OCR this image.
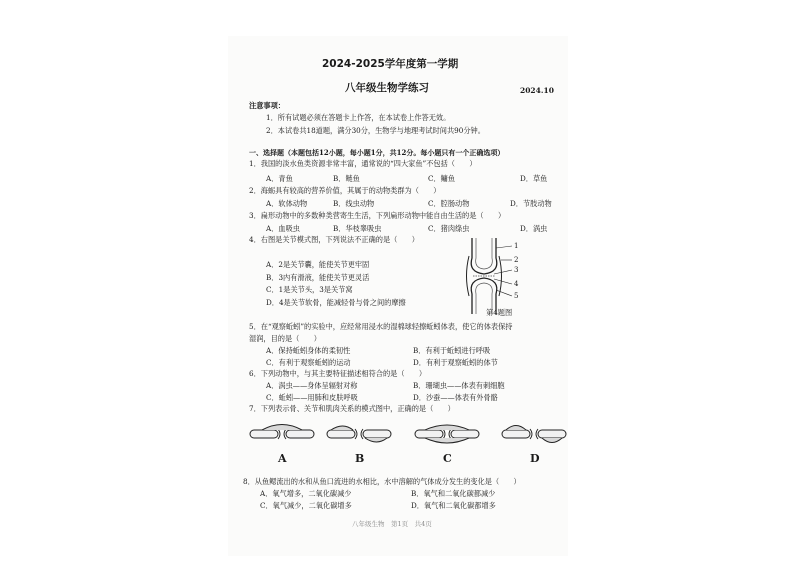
2024-2025学年度第一学期
八年级生物学练习	2024.10
注意事项：
1．所有试题必须在答题卡上作答，在本试卷上作答无效。
2．本试卷共18道题，满分30分，生物学与地理考试时间共90分钟。
一、选择题（本题包括12小题，每小题1分，共12分。每小题只有一个正确选项）
1．我国的淡水鱼类资源非常丰富，通常说的“四大家鱼”不包括（　　）
A．青鱼	B．鲢鱼	C．鳙鱼	D．草鱼
2．海蛎具有较高的营养价值，其属于的动物类群为（　　）
A．软体动物	B．线虫动物	C．腔肠动物	D．节肢动物
3．扁形动物中的多数种类营寄生生活，下列扁形动物中能自由生活的是（　　）
A．血吸虫	B．华枝睾吸虫	C．猪肉绦虫	D．涡虫
4．右图是关节模式图，下列说法不正确的是（　　）
A．2是关节囊，能使关节更牢固
B．3内有滑液，能使关节更灵活
C．1是关节头，3是关节窝
D．4是关节软骨，能减轻骨与骨之间的摩擦
1
2
3
4
5
第4题图
5．在“观察蚯蚓”的实验中，应经常用浸水的湿棉球轻擦蚯蚓体表，使它的体表保持
湿润，目的是（　　）
A．保持蚯蚓身体的柔韧性	B．有利于蚯蚓进行呼吸
C．有利于观察蚯蚓的运动	D．有利于观察蚯蚓的体节
6．下列动物中，与其主要特征描述相符合的是（　　）
A．涡虫——身体呈辐射对称	B．珊瑚虫——体表有刺细胞
C．蚯蚓——用肺和皮肤呼吸	D．沙蚕——体表有外骨骼
7．下列表示骨、关节和肌肉关系的模式图中，正确的是（　　）
A	B	C	D
8．从鱼鳃流出的水和从鱼口流进的水相比，水中溶解的气体成分发生的变化是（　　）
A．氧气增多，二氧化碳减少	B．氧气和二氧化碳都减少
C．氧气减少，二氧化碳增多	D．氧气和二氧化碳都增多
八年级生物　第1页　共4页
